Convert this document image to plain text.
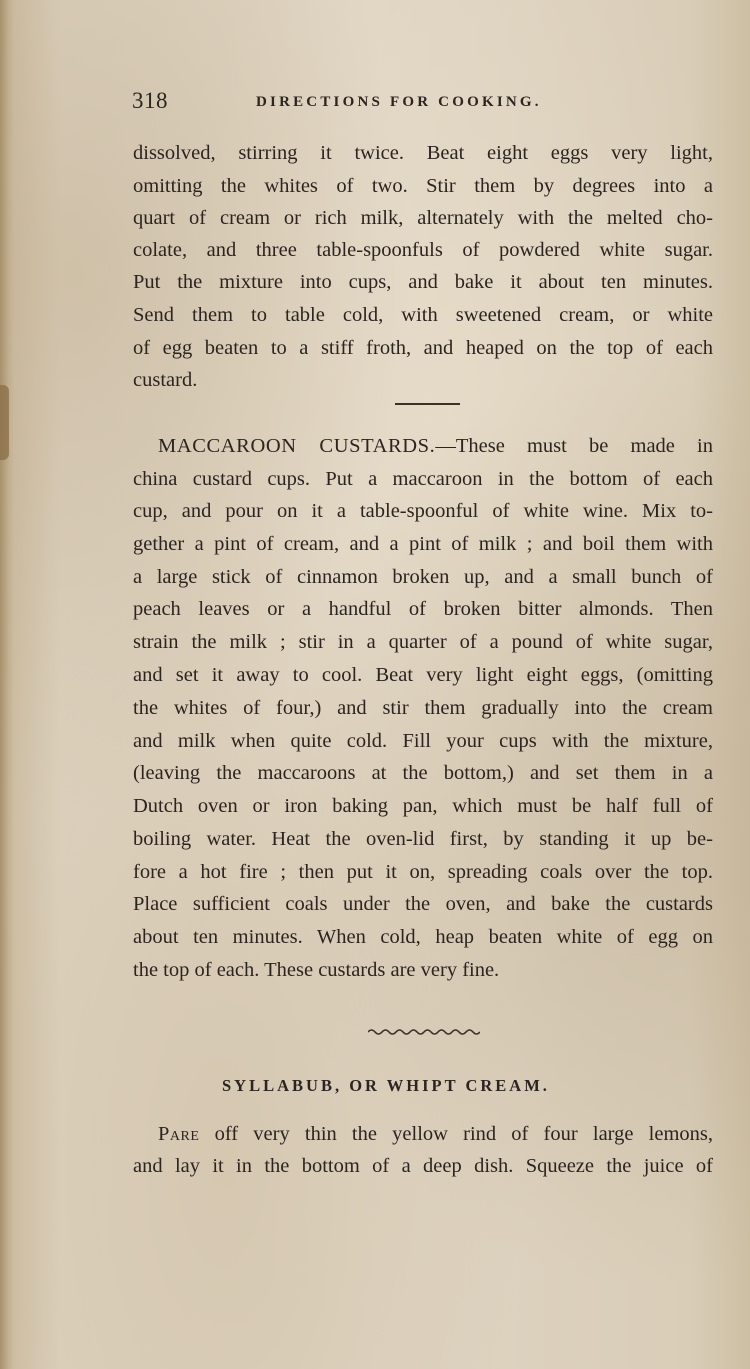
318	DIRECTIONS FOR COOKING.
dissolved, stirring it twice. Beat eight eggs very light,
omitting the whites of two. Stir them by degrees into a
quart of cream or rich milk, alternately with the melted cho-
colate, and three table-spoonfuls of powdered white sugar.
Put the mixture into cups, and bake it about ten minutes.
Send them to table cold, with sweetened cream, or white
of egg beaten to a stiff froth, and heaped on the top of each
custard.
MACCAROON CUSTARDS.—These must be made in
china custard cups. Put a maccaroon in the bottom of each
cup, and pour on it a table-spoonful of white wine. Mix to-
gether a pint of cream, and a pint of milk ; and boil them with
a large stick of cinnamon broken up, and a small bunch of
peach leaves or a handful of broken bitter almonds. Then
strain the milk ; stir in a quarter of a pound of white sugar,
and set it away to cool. Beat very light eight eggs, (omitting
the whites of four,) and stir them gradually into the cream
and milk when quite cold. Fill your cups with the mixture,
(leaving the maccaroons at the bottom,) and set them in a
Dutch oven or iron baking pan, which must be half full of
boiling water. Heat the oven-lid first, by standing it up be-
fore a hot fire ; then put it on, spreading coals over the top.
Place sufficient coals under the oven, and bake the custards
about ten minutes. When cold, heap beaten white of egg on
the top of each. These custards are very fine.
SYLLABUB, OR WHIPT CREAM.
Pare off very thin the yellow rind of four large lemons,
and lay it in the bottom of a deep dish. Squeeze the juice of
